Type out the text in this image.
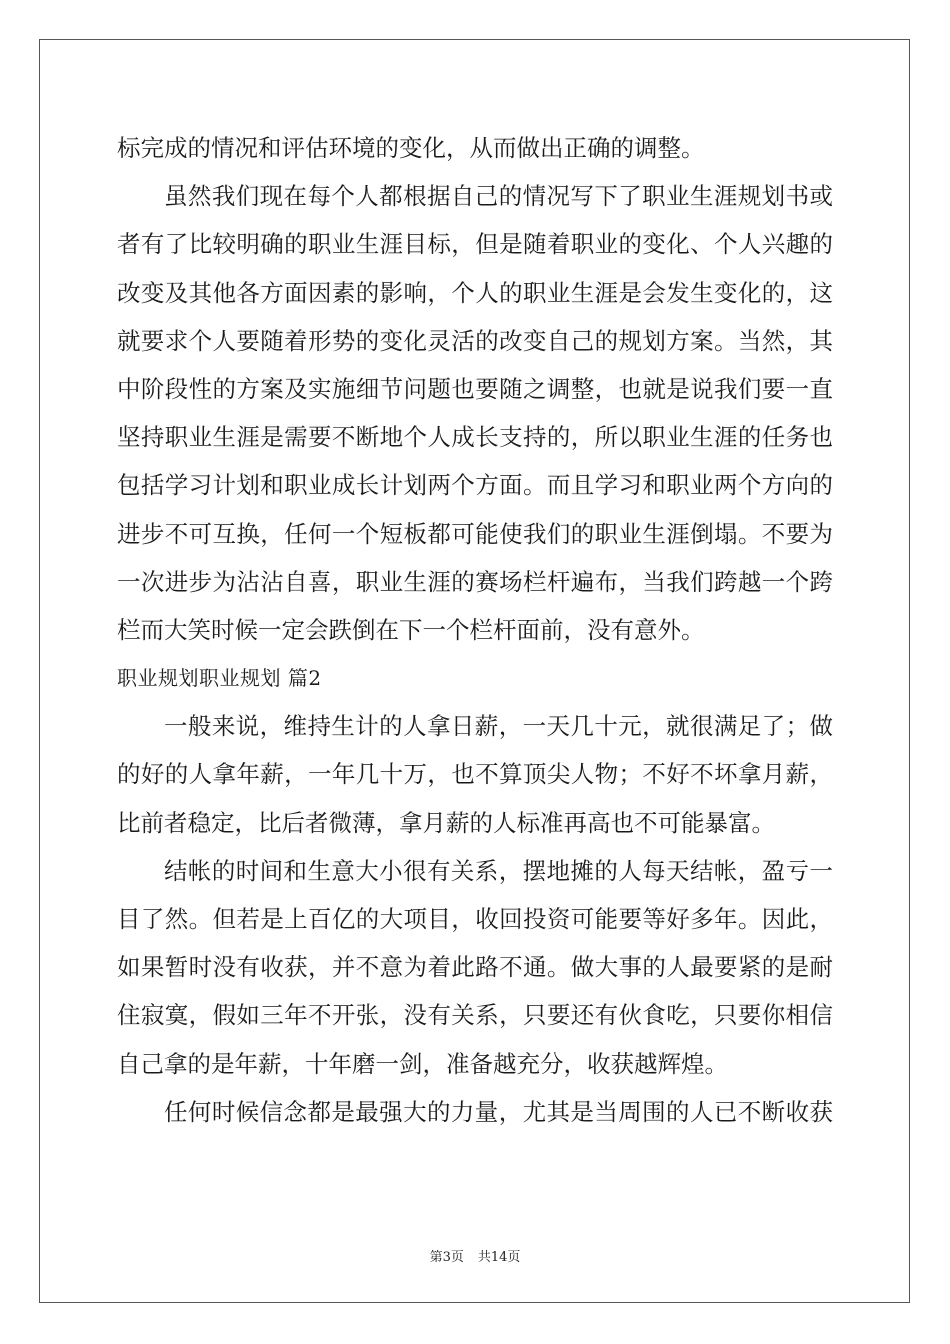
标完成的情况和评估环境的变化，从而做出正确的调整。
虽然我们现在每个人都根据自己的情况写下了职业生涯规划书或
者有了比较明确的职业生涯目标，但是随着职业的变化、个人兴趣的
改变及其他各方面因素的影响，个人的职业生涯是会发生变化的，这
就要求个人要随着形势的变化灵活的改变自己的规划方案。当然，其
中阶段性的方案及实施细节问题也要随之调整，也就是说我们要一直
坚持职业生涯是需要不断地个人成长支持的，所以职业生涯的任务也
包括学习计划和职业成长计划两个方面。而且学习和职业两个方向的
进步不可互换，任何一个短板都可能使我们的职业生涯倒塌。不要为
一次进步为沾沾自喜，职业生涯的赛场栏杆遍布，当我们跨越一个跨
栏而大笑时候一定会跌倒在下一个栏杆面前，没有意外。
职业规划职业规划 篇2
一般来说，维持生计的人拿日薪，一天几十元，就很满足了；做
的好的人拿年薪，一年几十万，也不算顶尖人物；不好不坏拿月薪，
比前者稳定，比后者微薄，拿月薪的人标准再高也不可能暴富。
结帐的时间和生意大小很有关系，摆地摊的人每天结帐，盈亏一
目了然。但若是上百亿的大项目，收回投资可能要等好多年。因此，
如果暂时没有收获，并不意为着此路不通。做大事的人最要紧的是耐
住寂寞，假如三年不开张，没有关系，只要还有伙食吃，只要你相信
自己拿的是年薪，十年磨一剑，准备越充分，收获越辉煌。
任何时候信念都是最强大的力量，尤其是当周围的人已不断收获
第3页 共14页
